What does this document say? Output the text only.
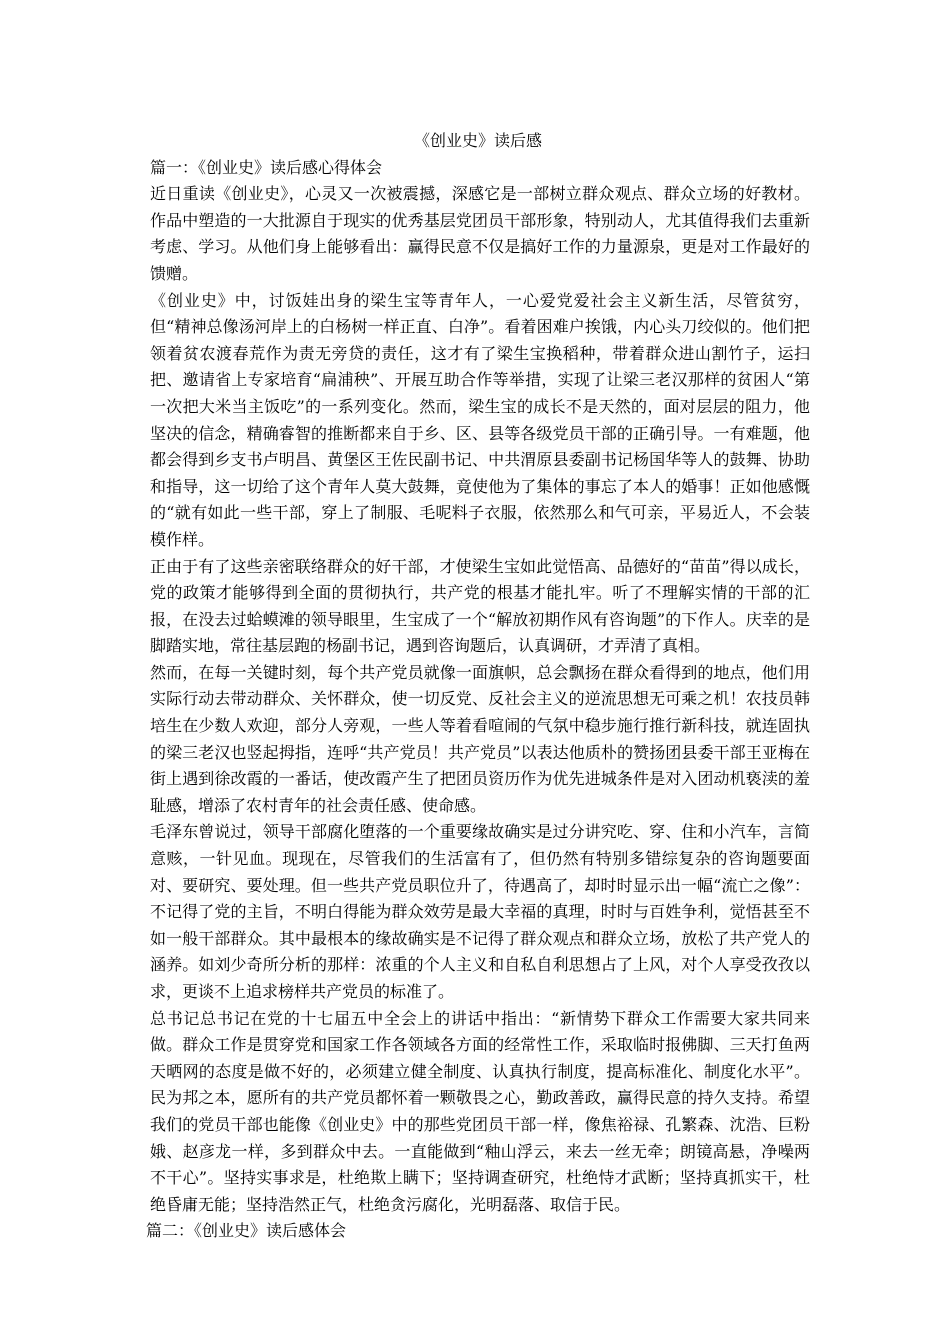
《创业史》读后感
篇一：《创业史》读后感心得体会

近日重读《创业史》，心灵又一次被震撼，深感它是一部树立群众观点、群众立场的好教材。作品中塑造的一大批源自于现实的优秀基层党团员干部形象，特别动人，尤其值得我们去重新考虑、学习。从他们身上能够看出：赢得民意不仅是搞好工作的力量源泉，更是对工作最好的馈赠。

《创业史》中，讨饭娃出身的梁生宝等青年人，一心爱党爱社会主义新生活，尽管贫穷，但“精神总像汤河岸上的白杨树一样正直、白净”。看着困难户挨饿，内心头刀绞似的。他们把领着贫农渡春荒作为责无旁贷的责任，这才有了梁生宝换稻种，带着群众进山割竹子，运扫把、邀请省上专家培育“扁浦秧”、开展互助合作等举措，实现了让梁三老汉那样的贫困人“第一次把大米当主饭吃”的一系列变化。然而，梁生宝的成长不是天然的，面对层层的阻力，他坚决的信念，精确睿智的推断都来自于乡、区、县等各级党员干部的正确引导。一有难题，他都会得到乡支书卢明昌、黄堡区王佐民副书记、中共渭原县委副书记杨国华等人的鼓舞、协助和指导，这一切给了这个青年人莫大鼓舞，竟使他为了集体的事忘了本人的婚事！正如他感慨的“就有如此一些干部，穿上了制服、毛呢料子衣服，依然那么和气可亲，平易近人，不会装模作样。

正由于有了这些亲密联络群众的好干部，才使梁生宝如此觉悟高、品德好的“苗苗”得以成长，党的政策才能够得到全面的贯彻执行，共产党的根基才能扎牢。听了不理解实情的干部的汇报，在没去过蛤蟆滩的领导眼里，生宝成了一个“解放初期作风有咨询题”的下作人。庆幸的是脚踏实地，常往基层跑的杨副书记，遇到咨询题后，认真调研，才弄清了真相。

然而，在每一关键时刻，每个共产党员就像一面旗帜，总会飘扬在群众看得到的地点，他们用实际行动去带动群众、关怀群众，使一切反党、反社会主义的逆流思想无可乘之机！农技员韩培生在少数人欢迎，部分人旁观，一些人等着看喧闹的气氛中稳步施行推行新科技，就连固执的梁三老汉也竖起拇指，连呼“共产党员！共产党员”以表达他质朴的赞扬团县委干部王亚梅在街上遇到徐改霞的一番话，使改霞产生了把团员资历作为优先进城条件是对入团动机亵渎的羞耻感，增添了农村青年的社会责任感、使命感。

毛泽东曾说过，领导干部腐化堕落的一个重要缘故确实是过分讲究吃、穿、住和小汽车，言简意赅，一针见血。现现在，尽管我们的生活富有了，但仍然有特别多错综复杂的咨询题要面对、要研究、要处理。但一些共产党员职位升了，待遇高了，却时时显示出一幅“流亡之像”：不记得了党的主旨，不明白得能为群众效劳是最大幸福的真理，时时与百姓争利，觉悟甚至不如一般干部群众。其中最根本的缘故确实是不记得了群众观点和群众立场，放松了共产党人的涵养。如刘少奇所分析的那样：浓重的个人主义和自私自利思想占了上风，对个人享受孜孜以求，更谈不上追求榜样共产党员的标准了。

总书记总书记在党的十七届五中全会上的讲话中指出：“新情势下群众工作需要大家共同来做。群众工作是贯穿党和国家工作各领域各方面的经常性工作，采取临时报佛脚、三天打鱼两天晒网的态度是做不好的，必须建立健全制度、认真执行制度，提高标准化、制度化水平”。民为邦之本，愿所有的共产党员都怀着一颗敬畏之心，勤政善政，赢得民意的持久支持。希望我们的党员干部也能像《创业史》中的那些党团员干部一样，像焦裕禄、孔繁森、沈浩、巨粉娥、赵彦龙一样，多到群众中去。一直能做到“釉山浮云，来去一丝无牵；朗镜高悬，净噪两不干心”。坚持实事求是，杜绝欺上瞒下；坚持调查研究，杜绝恃才武断；坚持真抓实干，杜绝昏庸无能；坚持浩然正气，杜绝贪污腐化，光明磊落、取信于民。

篇二：《创业史》读后感体会
